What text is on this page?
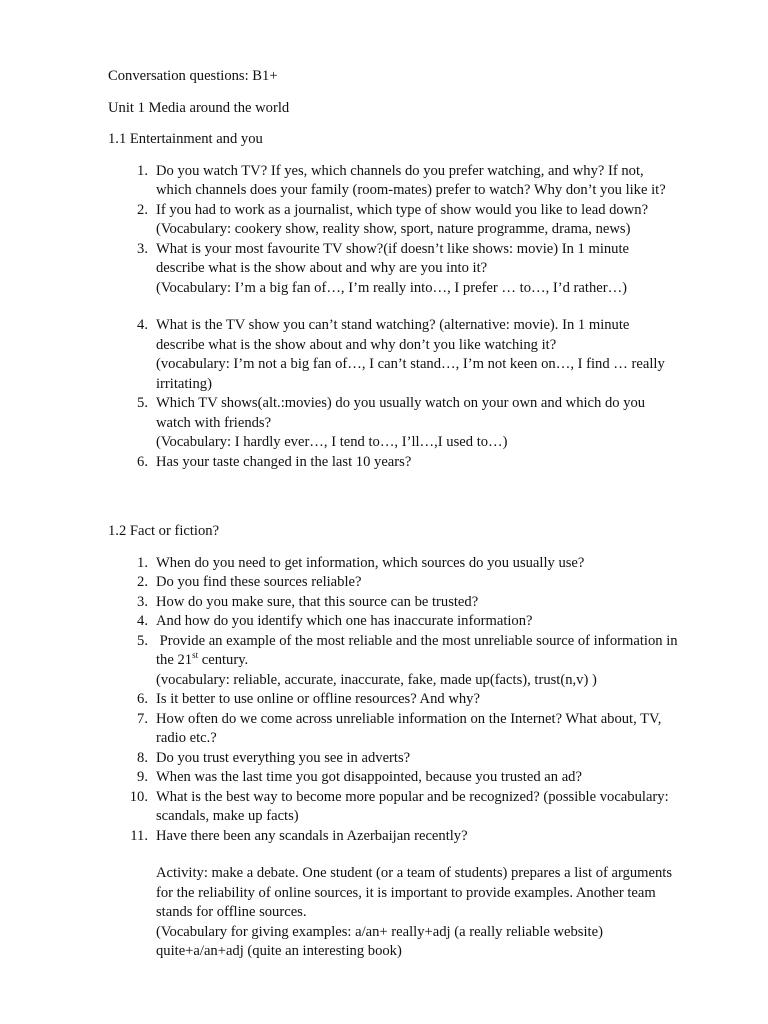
Conversation questions: B1+

Unit 1 Media around the world

1.1 Entertainment and you

1. Do you watch TV? If yes, which channels do you prefer watching, and why? If not,
which channels does your family (room-mates) prefer to watch? Why don’t you like it?
2. If you had to work as a journalist, which type of show would you like to lead down?
(Vocabulary: cookery show, reality show, sport, nature programme, drama, news)
3. What is your most favourite TV show?(if doesn’t like shows: movie) In 1 minute
describe what is the show about and why are you into it?
(Vocabulary: I’m a big fan of…, I’m really into…, I prefer … to…, I’d rather…)
4. What is the TV show you can’t stand watching? (alternative: movie). In 1 minute
describe what is the show about and why don’t you like watching it?
(vocabulary: I’m not a big fan of…, I can’t stand…, I’m not keen on…, I find … really
irritating)
5. Which TV shows(alt.:movies) do you usually watch on your own and which do you
watch with friends?
(Vocabulary: I hardly ever…, I tend to…, I’ll…,I used to…)
6. Has your taste changed in the last 10 years?

1.2 Fact or fiction?

1. When do you need to get information, which sources do you usually use?
2. Do you find these sources reliable?
3. How do you make sure, that this source can be trusted?
4. And how do you identify which one has inaccurate information?
5. Provide an example of the most reliable and the most unreliable source of information in
the 21st century.
(vocabulary: reliable, accurate, inaccurate, fake, made up(facts), trust(n,v) )
6. Is it better to use online or offline resources? And why?
7. How often do we come across unreliable information on the Internet? What about, TV,
radio etc.?
8. Do you trust everything you see in adverts?
9. When was the last time you got disappointed, because you trusted an ad?
10. What is the best way to become more popular and be recognized? (possible vocabulary:
scandals, make up facts)
11. Have there been any scandals in Azerbaijan recently?
Activity: make a debate. One student (or a team of students) prepares a list of arguments
for the reliability of online sources, it is important to provide examples. Another team
stands for offline sources.
(Vocabulary for giving examples: a/an+ really+adj (a really reliable website)
quite+a/an+adj (quite an interesting book)
